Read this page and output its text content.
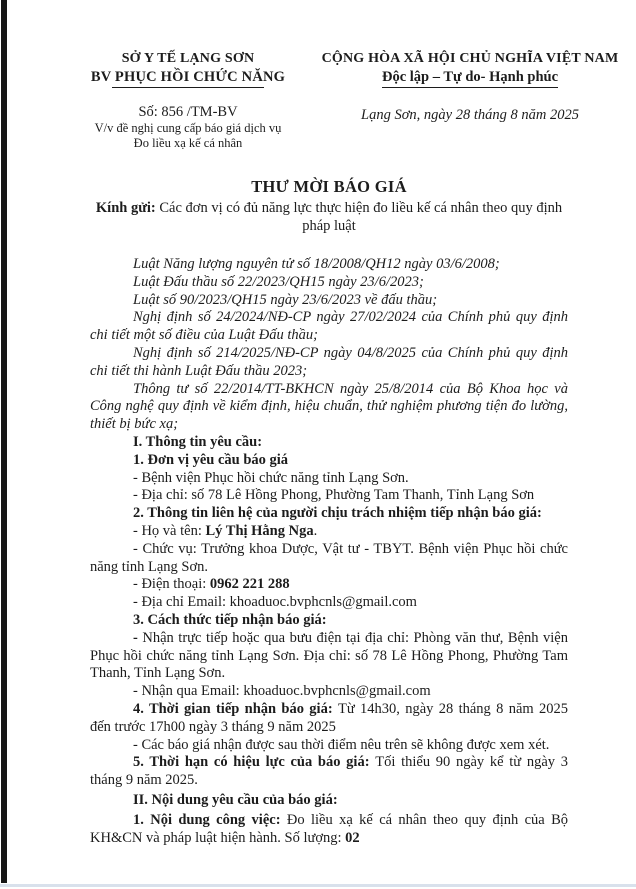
SỞ Y TẾ LẠNG SƠN
BV PHỤC HỒI CHỨC NĂNG
Số: 856 /TM-BV
V/v đề nghị cung cấp báo giá dịch vụ
Đo liều xạ kế cá nhân
CỘNG HÒA XÃ HỘI CHỦ NGHĨA VIỆT NAM
Độc lập – Tự do- Hạnh phúc
Lạng Sơn, ngày 28 tháng 8 năm 2025
THƯ MỜI BÁO GIÁ
Kính gửi: Các đơn vị có đủ năng lực thực hiện đo liều kế cá nhân theo quy định pháp luật

Luật Năng lượng nguyên tử số 18/2008/QH12 ngày 03/6/2008;

Luật Đấu thầu số 22/2023/QH15 ngày 23/6/2023;

Luật số 90/2023/QH15 ngày 23/6/2023 về đấu thầu;

Nghị định số 24/2024/NĐ-CP ngày 27/02/2024 của Chính phủ quy định chi tiết một số điều của Luật Đấu thầu;

Nghị định số 214/2025/NĐ-CP ngày 04/8/2025 của Chính phủ quy định chi tiết thi hành Luật Đấu thầu 2023;

Thông tư số 22/2014/TT-BKHCN ngày 25/8/2014 của Bộ Khoa học và Công nghệ quy định về kiểm định, hiệu chuẩn, thử nghiệm phương tiện đo lường, thiết bị bức xạ;

I. Thông tin yêu cầu:

1. Đơn vị yêu cầu báo giá

- Bệnh viện Phục hồi chức năng tỉnh Lạng Sơn.

- Địa chỉ: số 78 Lê Hồng Phong, Phường Tam Thanh, Tỉnh Lạng Sơn

2. Thông tin liên hệ của người chịu trách nhiệm tiếp nhận báo giá:

- Họ và tên: Lý Thị Hằng Nga.

- Chức vụ: Trưởng khoa Dược, Vật tư - TBYT. Bệnh viện Phục hồi chức năng tỉnh Lạng Sơn.

- Điện thoại: 0962 221 288

- Địa chỉ Email: khoaduoc.bvphcnls@gmail.com

3. Cách thức tiếp nhận báo giá:

- Nhận trực tiếp hoặc qua bưu điện tại địa chỉ: Phòng văn thư, Bệnh viện Phục hồi chức năng tỉnh Lạng Sơn. Địa chỉ: số 78 Lê Hồng Phong, Phường Tam Thanh, Tỉnh Lạng Sơn.

- Nhận qua Email: khoaduoc.bvphcnls@gmail.com

4. Thời gian tiếp nhận báo giá: Từ 14h30, ngày 28 tháng 8 năm 2025 đến trước 17h00 ngày 3 tháng 9 năm 2025

- Các báo giá nhận được sau thời điểm nêu trên sẽ không được xem xét.

5. Thời hạn có hiệu lực của báo giá: Tối thiểu 90 ngày kể từ ngày 3 tháng 9 năm 2025.

II. Nội dung yêu cầu của báo giá:

1. Nội dung công việc: Đo liều xạ kế cá nhân theo quy định của Bộ KH&CN và pháp luật hiện hành. Số lượng: 02
